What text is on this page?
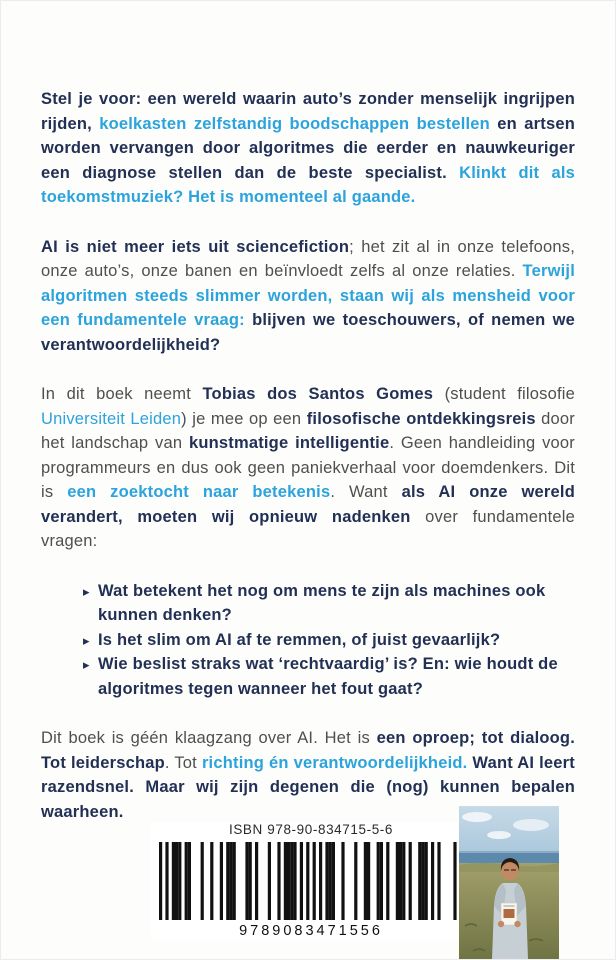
Stel je voor: een wereld waarin auto’s zonder menselijk ingrijpen rijden, koelkasten zelfstandig boodschappen bestellen en artsen worden vervangen door algoritmes die eerder en nauwkeuriger een diagnose stellen dan de beste specialist. Klinkt dit als toekomstmuziek? Het is momenteel al gaande.

AI is niet meer iets uit sciencefiction; het zit al in onze telefoons, onze auto’s, onze banen en beïnvloedt zelfs al onze relaties. Terwijl algoritmen steeds slimmer worden, staan wij als mensheid voor een fundamentele vraag: blijven we toeschouwers, of nemen we verantwoordelijkheid?

In dit boek neemt Tobias dos Santos Gomes (student filosofie Universiteit Leiden) je mee op een filosofische ontdekkingsreis door het landschap van kunstmatige intelligentie. Geen handleiding voor programmeurs en dus ook geen paniekverhaal voor doemdenkers. Dit is een zoektocht naar betekenis. Want als AI onze wereld verandert, moeten wij opnieuw nadenken over fundamentele vragen:

▸ Wat betekent het nog om mens te zijn als machines ook kunnen denken?
▸ Is het slim om AI af te remmen, of juist gevaarlijk?
▸ Wie beslist straks wat ‘rechtvaardig’ is? En: wie houdt de algoritmes tegen wanneer het fout gaat?

Dit boek is géén klaagzang over AI. Het is een oproep; tot dialoog. Tot leiderschap. Tot richting én verantwoordelijkheid. Want AI leert razendsnel. Maar wij zijn degenen die (nog) kunnen bepalen waarheen.

ISBN 978-90-834715-5-6
9789083471556
